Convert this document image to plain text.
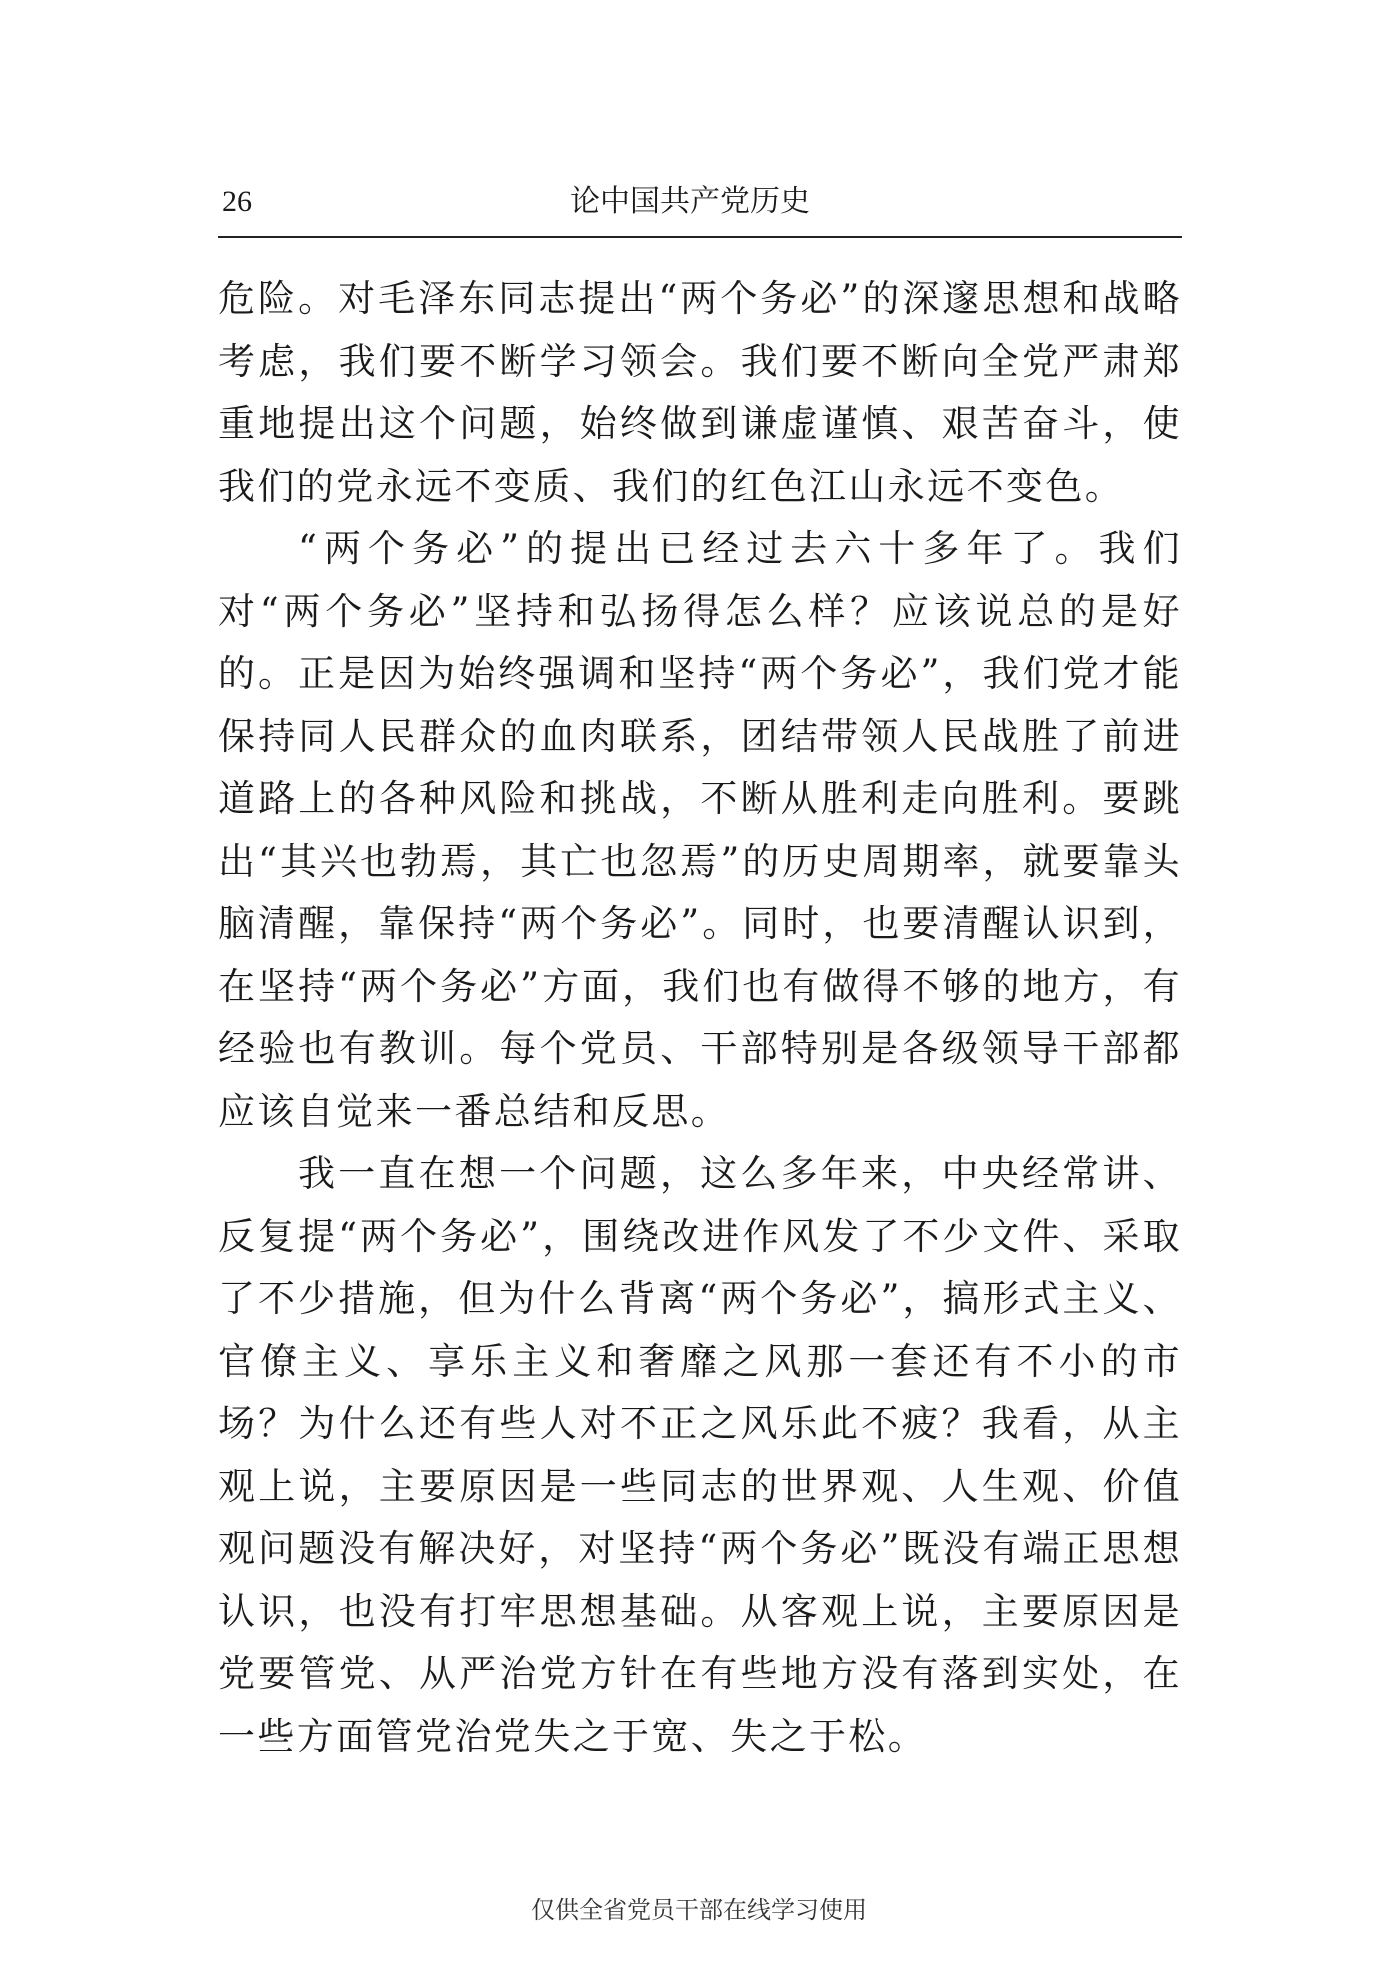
26	论中国共产党历史

危险。对毛泽东同志提出“两个务必”的深邃思想和战略考虑，我们要不断学习领会。我们要不断向全党严肃郑重地提出这个问题，始终做到谦虚谨慎、艰苦奋斗，使我们的党永远不变质、我们的红色江山永远不变色。

“两个务必”的提出已经过去六十多年了。我们对“两个务必”坚持和弘扬得怎么样？应该说总的是好的。正是因为始终强调和坚持“两个务必”，我们党才能保持同人民群众的血肉联系，团结带领人民战胜了前进道路上的各种风险和挑战，不断从胜利走向胜利。要跳出“其兴也勃焉，其亡也忽焉”的历史周期率，就要靠头脑清醒，靠保持“两个务必”。同时，也要清醒认识到，在坚持“两个务必”方面，我们也有做得不够的地方，有经验也有教训。每个党员、干部特别是各级领导干部都应该自觉来一番总结和反思。

我一直在想一个问题，这么多年来，中央经常讲、反复提“两个务必”，围绕改进作风发了不少文件、采取了不少措施，但为什么背离“两个务必”，搞形式主义、官僚主义、享乐主义和奢靡之风那一套还有不小的市场？为什么还有些人对不正之风乐此不疲？我看，从主观上说，主要原因是一些同志的世界观、人生观、价值观问题没有解决好，对坚持“两个务必”既没有端正思想认识，也没有打牢思想基础。从客观上说，主要原因是党要管党、从严治党方针在有些地方没有落到实处，在一些方面管党治党失之于宽、失之于松。

仅供全省党员干部在线学习使用
